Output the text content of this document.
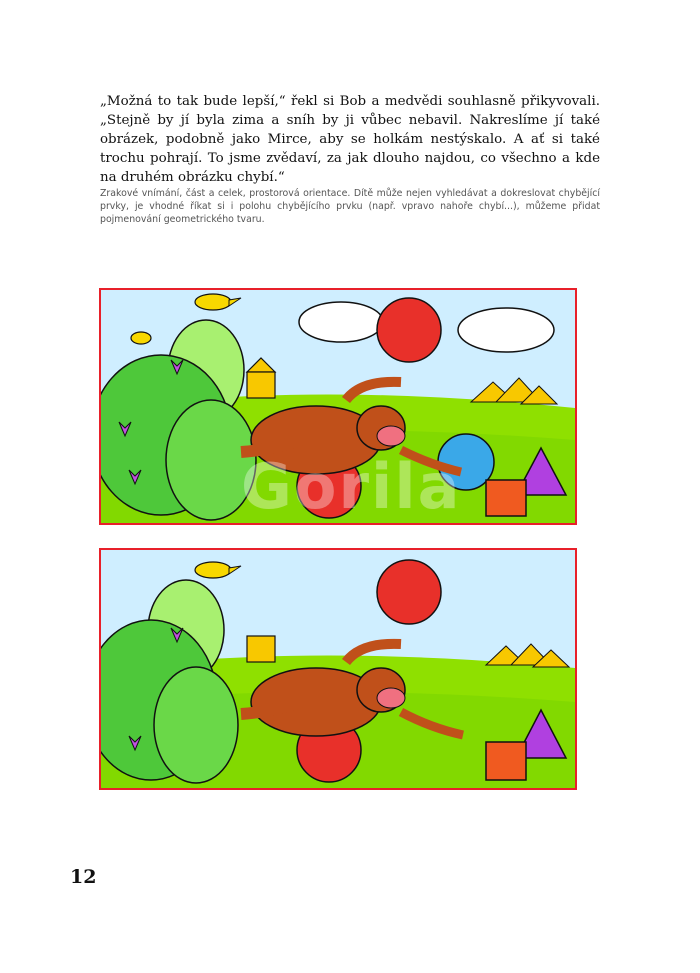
„Možná to tak bude lepší,“ řekl si Bob a medvědi souhlasně přikyvovali. „Stejně by jí byla zima a sníh by ji vůbec nebavil. Nakreslíme jí také obrázek, podobně jako Mirce, aby se holkám nestýskalo. A ať si také trochu pohrají. To jsme zvědaví, za jak dlouho najdou, co všechno a kde na druhém obrázku chybí.“

Zrakové vnímání, část a celek, prostorová orientace. Dítě může nejen vyhledávat a dokreslovat chybějící prvky, je vhodné říkat si i polohu chybějícího prvku (např. vpravo nahoře chybí...), můžeme přidat pojmenování geometrického tvaru.
Gorila
12
